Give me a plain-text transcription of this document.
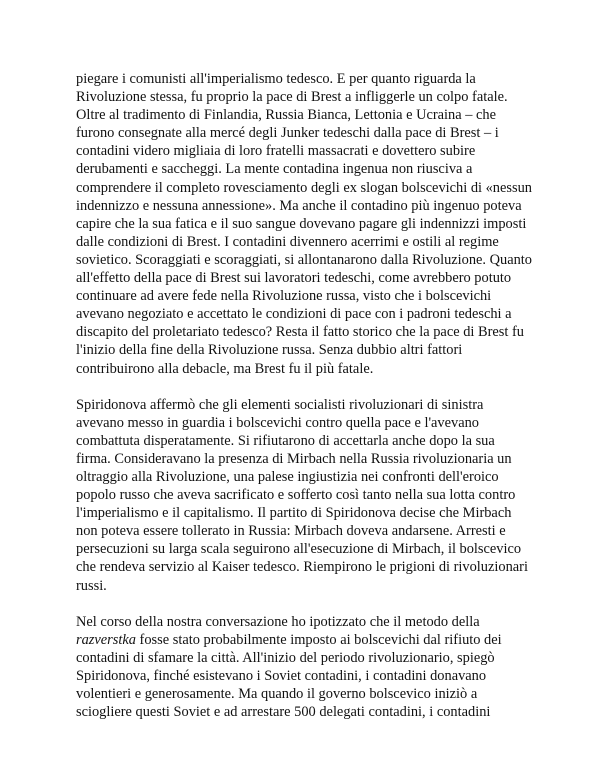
piegare i comunisti all'imperialismo tedesco. E per quanto riguarda la Rivoluzione stessa, fu proprio la pace di Brest a infliggerle un colpo fatale. Oltre al tradimento di Finlandia, Russia Bianca, Lettonia e Ucraina – che furono consegnate alla mercé degli Junker tedeschi dalla pace di Brest – i contadini videro migliaia di loro fratelli massacrati e dovettero subire derubamenti e saccheggi. La mente contadina ingenua non riusciva a comprendere il completo rovesciamento degli ex slogan bolscevichi di «nessun indennizzo e nessuna annessione». Ma anche il contadino più ingenuo poteva capire che la sua fatica e il suo sangue dovevano pagare gli indennizzi imposti dalle condizioni di Brest. I contadini divennero acerrimi e ostili al regime sovietico. Scoraggiati e scoraggiati, si allontanarono dalla Rivoluzione. Quanto all'effetto della pace di Brest sui lavoratori tedeschi, come avrebbero potuto continuare ad avere fede nella Rivoluzione russa, visto che i bolscevichi avevano negoziato e accettato le condizioni di pace con i padroni tedeschi a discapito del proletariato tedesco? Resta il fatto storico che la pace di Brest fu l'inizio della fine della Rivoluzione russa. Senza dubbio altri fattori contribuirono alla debacle, ma Brest fu il più fatale.

Spiridonova affermò che gli elementi socialisti rivoluzionari di sinistra avevano messo in guardia i bolscevichi contro quella pace e l'avevano combattuta disperatamente. Si rifiutarono di accettarla anche dopo la sua firma. Consideravano la presenza di Mirbach nella Russia rivoluzionaria un oltraggio alla Rivoluzione, una palese ingiustizia nei confronti dell'eroico popolo russo che aveva sacrificato e sofferto così tanto nella sua lotta contro l'imperialismo e il capitalismo. Il partito di Spiridonova decise che Mirbach non poteva essere tollerato in Russia: Mirbach doveva andarsene. Arresti e persecuzioni su larga scala seguirono all'esecuzione di Mirbach, il bolscevico che rendeva servizio al Kaiser tedesco. Riempirono le prigioni di rivoluzionari russi.

Nel corso della nostra conversazione ho ipotizzato che il metodo della razverstka fosse stato probabilmente imposto ai bolscevichi dal rifiuto dei contadini di sfamare la città. All'inizio del periodo rivoluzionario, spiegò Spiridonova, finché esistevano i Soviet contadini, i contadini donavano volentieri e generosamente. Ma quando il governo bolscevico iniziò a sciogliere questi Soviet e ad arrestare 500 delegati contadini, i contadini
